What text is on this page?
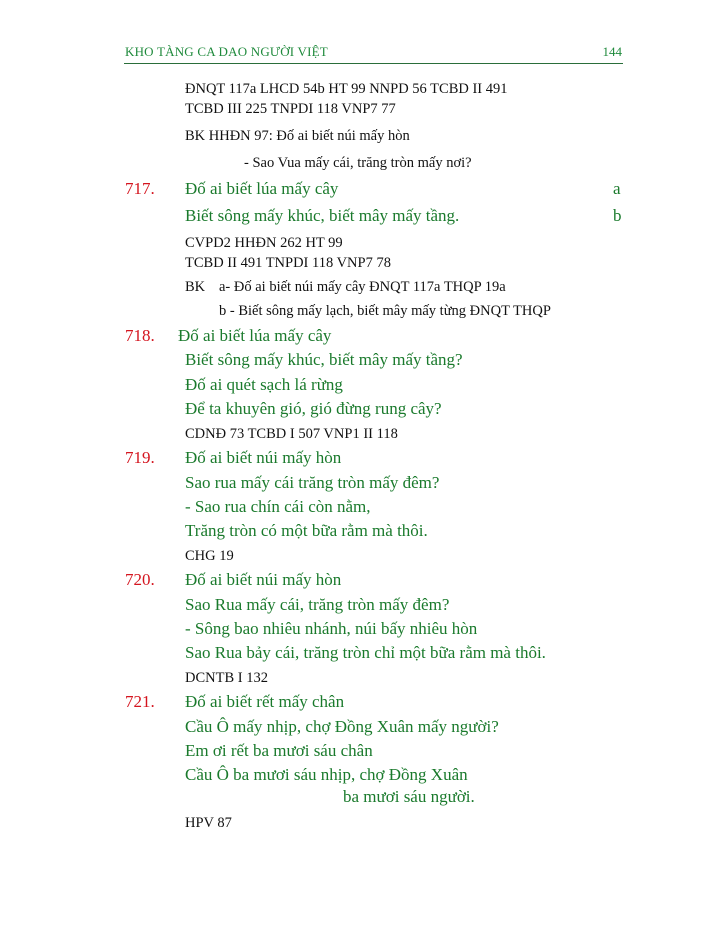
KHO TÀNG CA DAO NGƯỜI VIỆT	144
ĐNQT 117a LHCD 54b HT 99 NNPD 56 TCBD II 491
TCBD III 225 TNPDI 118 VNP7 77
BK HHĐN 97: Đố ai biết núi mấy hòn
- Sao Vua mấy cái, trăng tròn mấy nơi?
717. Đố ai biết lúa mấy cây	a
Biết sông mấy khúc, biết mây mấy tầng.	b
CVPD2 HHĐN 262 HT 99
TCBD II 491 TNPDI 118 VNP7 78
BK a- Đố ai biết núi mấy cây ĐNQT 117a THQP 19a
b - Biết sông mấy lạch, biết mây mấy từng ĐNQT THQP
718. Đố ai biết lúa mấy cây
Biết sông mấy khúc, biết mây mấy tầng?
Đố ai quét sạch lá rừng
Để ta khuyên gió, gió đừng rung cây?
CDNĐ 73 TCBD I 507 VNP1 II 118
719. Đố ai biết núi mấy hòn
Sao rua mấy cái trăng tròn mấy đêm?
- Sao rua chín cái còn nằm,
Trăng tròn có một bữa rằm mà thôi.
CHG 19
720. Đố ai biết núi mấy hòn
Sao Rua mấy cái, trăng tròn mấy đêm?
- Sông bao nhiêu nhánh, núi bấy nhiêu hòn
Sao Rua bảy cái, trăng tròn chỉ một bữa rằm mà thôi.
DCNTB I 132
721. Đố ai biết rết mấy chân
Cầu Ô mấy nhịp, chợ Đồng Xuân mấy người?
Em ơi rết ba mươi sáu chân
Cầu Ô ba mươi sáu nhịp, chợ Đồng Xuân
ba mươi sáu người.
HPV 87
